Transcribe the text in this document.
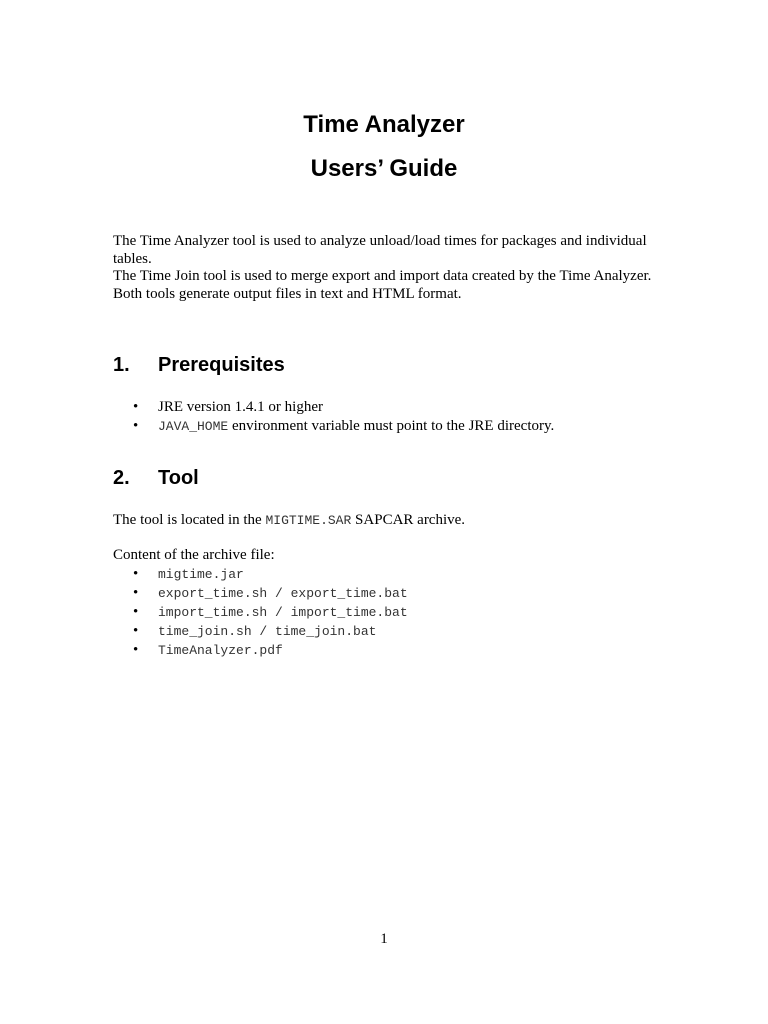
Time Analyzer
Users’ Guide

The Time Analyzer tool is used to analyze unload/load times for packages and individual tables.

The Time Join tool is used to merge export and import data created by the Time Analyzer.

Both tools generate output files in text and HTML format.

1. Prerequisites
• JRE version 1.4.1 or higher
• JAVA_HOME environment variable must point to the JRE directory.
2. Tool

The tool is located in the MIGTIME.SAR SAPCAR archive.

Content of the archive file:

• migtime.jar
• export_time.sh / export_time.bat
• import_time.sh / import_time.bat
• time_join.sh / time_join.bat
• TimeAnalyzer.pdf
1
